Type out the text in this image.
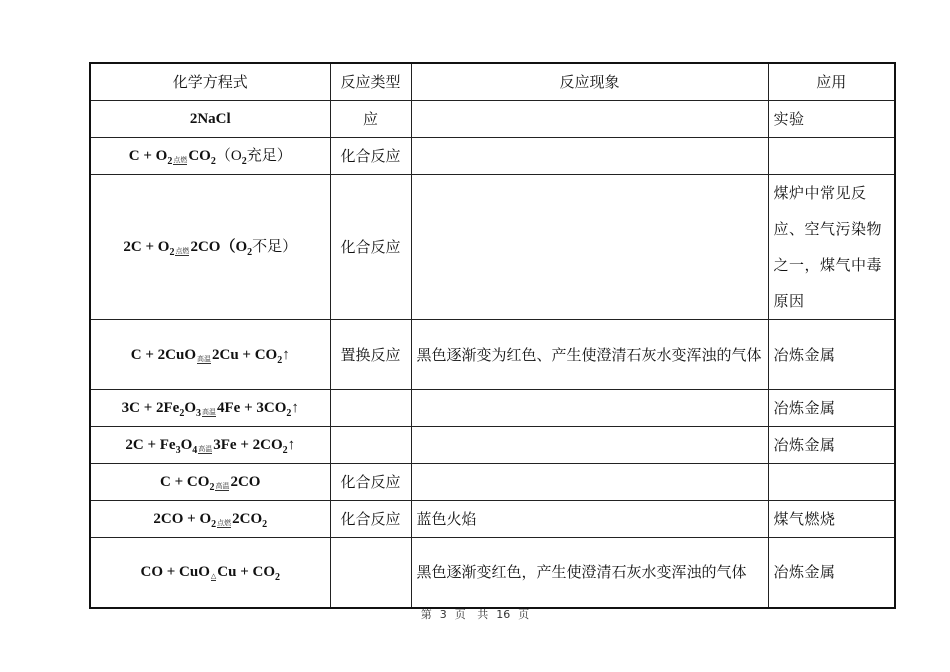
化学方程式	反应类型	反应现象	应用
2NaCl	应		实验
$C + O_2$点燃$CO_2(O_2$充足）	化合反应		
$2C + O_2$点燃$2CO(O_2$不足）	化合反应		煤炉中常见反应、空气污染物之一，煤气中毒原因
C + 2CuO高温$2Cu + CO_2↑$	置换反应	黑色逐渐变为红色、产生使澄清石灰水变浑浊的气体	冶炼金属
$3C + 2Fe_2O_3$高温$4Fe + 3CO_2↑$			冶炼金属
$2C + Fe_3O_4$高温$3Fe + 2CO_2↑$			冶炼金属
$C + CO_2$高温2CO	化合反应		
$2CO + O_2$点燃$2CO_2$	化合反应	蓝色火焰	煤气燃烧
CO + CuO△Cu + $CO_2$		黑色逐渐变红色，产生使澄清石灰水变浑浊的气体	冶炼金属
第 3 页 共 16 页
